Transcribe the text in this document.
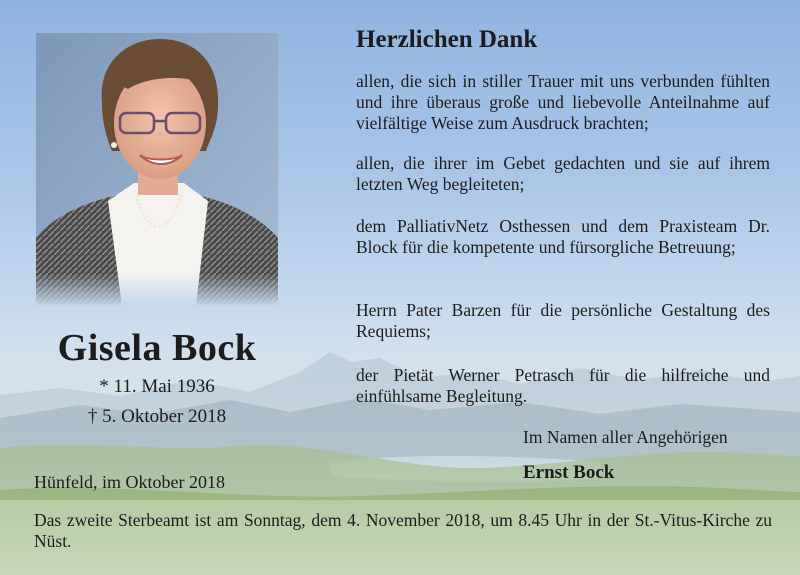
Gisela Bock
* 11. Mai 1936
† 5. Oktober 2018
Hünfeld, im Oktober 2018
Herzlichen Dank
allen, die sich in stiller Trauer mit uns verbunden fühlten und ihre überaus große und liebevolle Anteilnahme auf vielfältige Weise zum Ausdruck brachten;
allen, die ihrer im Gebet gedachten und sie auf ihrem letzten Weg begleiteten;
dem PalliativNetz Osthessen und dem Praxisteam Dr. Block für die kompetente und fürsorgliche Betreuung;
Herrn Pater Barzen für die persönliche Gestaltung des Requiems;
der Pietät Werner Petrasch für die hilfreiche und einfühlsame Begleitung.
Im Namen aller Angehörigen
Ernst Bock
Das zweite Sterbeamt ist am Sonntag, dem 4. November 2018, um 8.45 Uhr in der St.-Vitus-Kirche zu Nüst.
